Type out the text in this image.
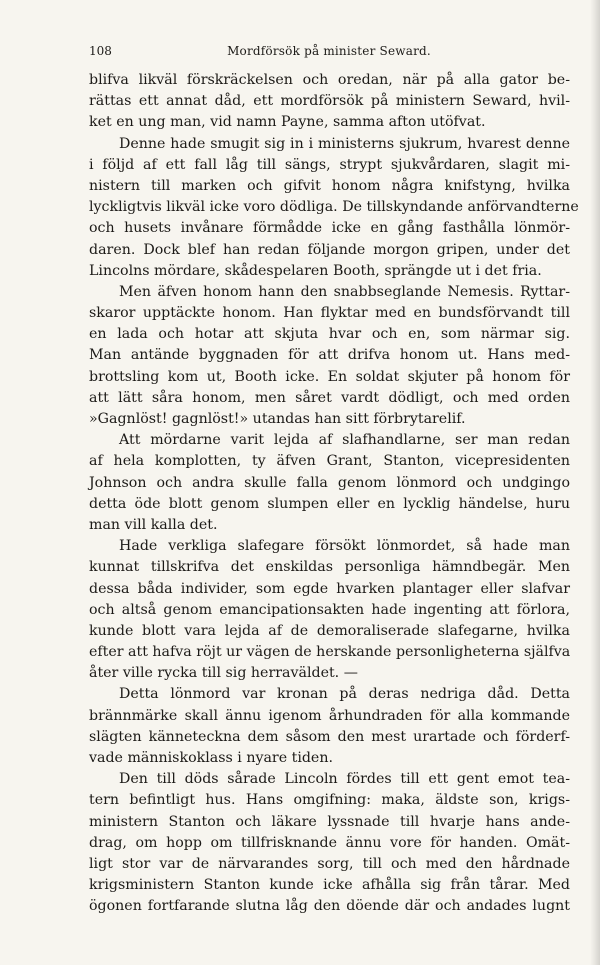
108	Mordförsök på minister Seward.
blifva likväl förskräckelsen och oredan, när på alla gator be-
rättas ett annat dåd, ett mordförsök på ministern Seward, hvil-
ket en ung man, vid namn Payne, samma afton utöfvat.
Denne hade smugit sig in i ministerns sjukrum, hvarest denne
i följd af ett fall låg till sängs, strypt sjukvårdaren, slagit mi-
nistern till marken och gifvit honom några knifstyng, hvilka
lyckligtvis likväl icke voro dödliga. De tillskyndande anförvandterne
och husets invånare förmådde icke en gång fasthålla lönmör-
daren. Dock blef han redan följande morgon gripen, under det
Lincolns mördare, skådespelaren Booth, sprängde ut i det fria.
Men äfven honom hann den snabbseglande Nemesis. Ryttar-
skaror upptäckte honom. Han flyktar med en bundsförvandt till
en lada och hotar att skjuta hvar och en, som närmar sig.
Man antände byggnaden för att drifva honom ut. Hans med-
brottsling kom ut, Booth icke. En soldat skjuter på honom för
att lätt såra honom, men såret vardt dödligt, och med orden
»Gagnlöst! gagnlöst!» utandas han sitt förbrytarelif.
Att mördarne varit lejda af slafhandlarne, ser man redan
af hela komplotten, ty äfven Grant, Stanton, vicepresidenten
Johnson och andra skulle falla genom lönmord och undgingo
detta öde blott genom slumpen eller en lycklig händelse, huru
man vill kalla det.
Hade verkliga slafegare försökt lönmordet, så hade man
kunnat tillskrifva det enskildas personliga hämndbegär. Men
dessa båda individer, som egde hvarken plantager eller slafvar
och altså genom emancipationsakten hade ingenting att förlora,
kunde blott vara lejda af de demoraliserade slafegarne, hvilka
efter att hafva röjt ur vägen de herskande personligheterna själfva
åter ville rycka till sig herraväldet. —
Detta lönmord var kronan på deras nedriga dåd. Detta
brännmärke skall ännu igenom århundraden för alla kommande
slägten känneteckna dem såsom den mest urartade och förderf-
vade människoklass i nyare tiden.
Den till döds sårade Lincoln fördes till ett gent emot tea-
tern befintligt hus. Hans omgifning: maka, äldste son, krigs-
ministern Stanton och läkare lyssnade till hvarje hans ande-
drag, om hopp om tillfrisknande ännu vore för handen. Omät-
ligt stor var de närvarandes sorg, till och med den hårdnade
krigsministern Stanton kunde icke afhålla sig från tårar. Med
ögonen fortfarande slutna låg den döende där och andades lugnt
